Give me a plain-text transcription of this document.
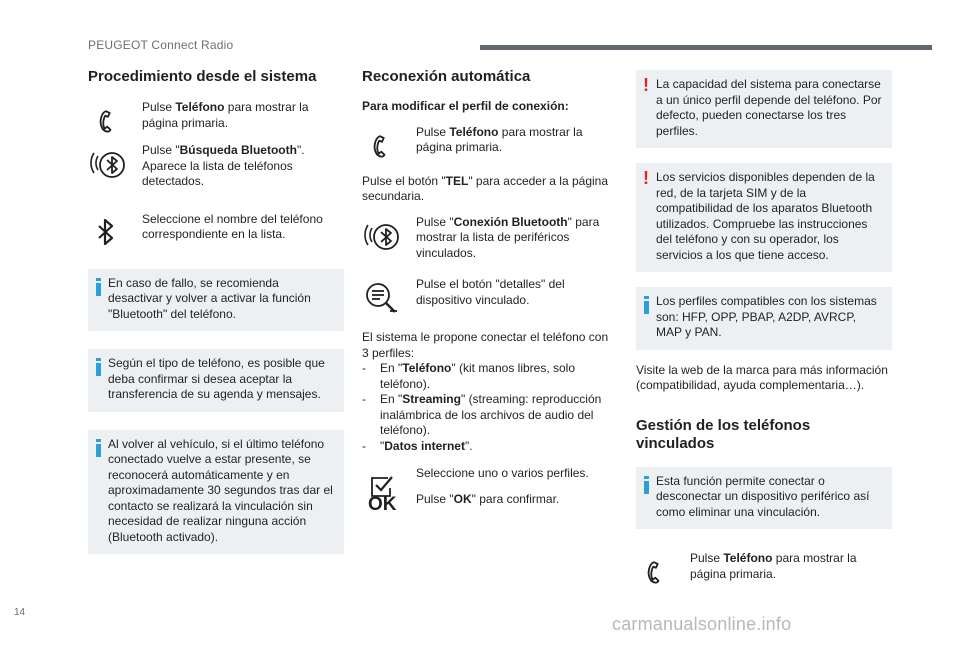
PEUGEOT Connect Radio
Procedimiento desde el sistema
Pulse Teléfono para mostrar la página primaria.
Pulse "Búsqueda Bluetooth". Aparece la lista de teléfonos detectados.
Seleccione el nombre del teléfono correspondiente en la lista.
En caso de fallo, se recomienda desactivar y volver a activar la función "Bluetooth" del teléfono.
Según el tipo de teléfono, es posible que deba confirmar si desea aceptar la transferencia de su agenda y mensajes.
Al volver al vehículo, si el último teléfono conectado vuelve a estar presente, se reconocerá automáticamente y en aproximadamente 30 segundos tras dar el contacto se realizará la vinculación sin necesidad de realizar ninguna acción (Bluetooth activado).
Reconexión automática
Para modificar el perfil de conexión:
Pulse Teléfono para mostrar la página primaria.
Pulse el botón "TEL" para acceder a la página secundaria.
Pulse "Conexión Bluetooth" para mostrar la lista de periféricos vinculados.
Pulse el botón "detalles" del dispositivo vinculado.
El sistema le propone conectar el teléfono con 3 perfiles:
- En "Teléfono" (kit manos libres, solo teléfono).
- En "Streaming" (streaming: reproducción inalámbrica de los archivos de audio del teléfono).
- "Datos internet".
Seleccione uno o varios perfiles.
OK	Pulse "OK" para confirmar.
! La capacidad del sistema para conectarse a un único perfil depende del teléfono. Por defecto, pueden conectarse los tres perfiles.
! Los servicios disponibles dependen de la red, de la tarjeta SIM y de la compatibilidad de los aparatos Bluetooth utilizados. Compruebe las instrucciones del teléfono y con su operador, los servicios a los que tiene acceso.
Los perfiles compatibles con los sistemas son: HFP, OPP, PBAP, A2DP, AVRCP, MAP y PAN.
Visite la web de la marca para más información (compatibilidad, ayuda complementaria…).
Gestión de los teléfonos vinculados
Esta función permite conectar o desconectar un dispositivo periférico así como eliminar una vinculación.
Pulse Teléfono para mostrar la página primaria.
14
carmanualsonline.info
